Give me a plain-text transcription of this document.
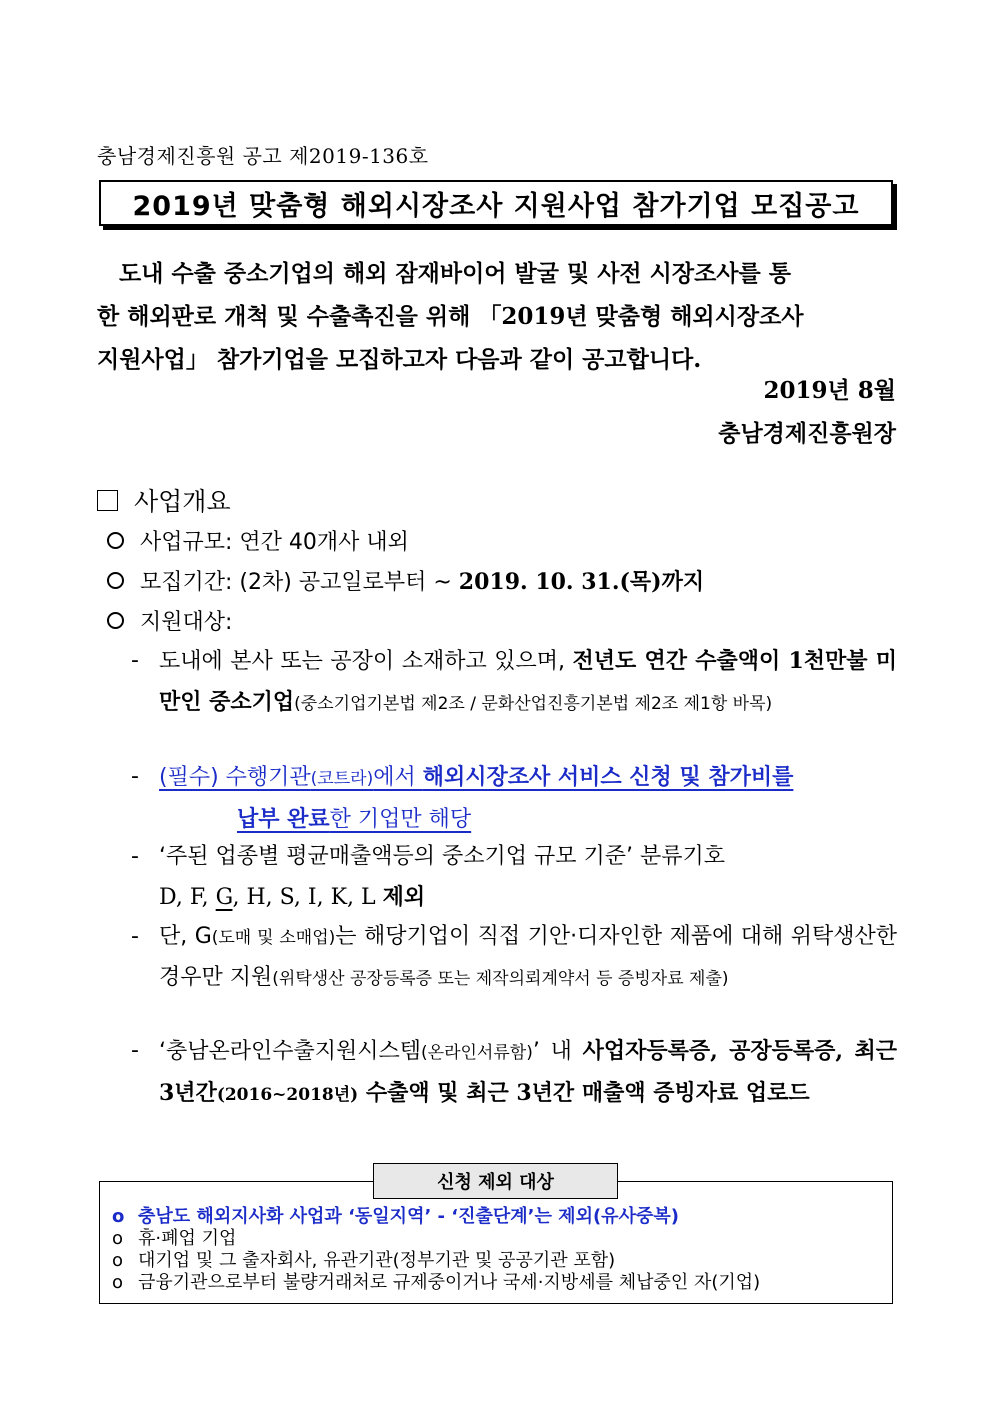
충남경제진흥원 공고 제2019-136호
2019년 맞춤형 해외시장조사 지원사업 참가기업 모집공고

도내 수출 중소기업의 해외 잠재바이어 발굴 및 사전 시장조사를 통

한 해외판로 개척 및 수출촉진을 위해 「2019년 맞춤형 해외시장조사

지원사업」 참가기업을 모집하고자 다음과 같이 공고합니다.

2019년 8월
충남경제진흥원장
사업개요
사업규모: 연간 40개사 내외
모집기간: (2차) 공고일로부터 ~ 2019. 10. 31.(목)까지
지원대상:
- 도내에 본사 또는 공장이 소재하고 있으며, 전년도 연간 수출액이 1천만불 미만인 중소기업(중소기업기본법 제2조 / 문화산업진흥기본법 제2조 제1항 바목)
- (필수) 수행기관(코트라)에서 해외시장조사 서비스 신청 및 참가비를
납부 완료한 기업만 해당
- ‘주된 업종별 평균매출액등의 중소기업 규모 기준’ 분류기호
D, F, G, H, S, I, K, L 제외
- 단, G(도매 및 소매업)는 해당기업이 직접 기안·디자인한 제품에 대해 위탁생산한 경우만 지원(위탁생산 공장등록증 또는 제작의뢰계약서 등 증빙자료 제출)
- ‘충남온라인수출지원시스템(온라인서류함)’ 내 사업자등록증, 공장등록증, 최근 3년간(2016~2018년) 수출액 및 최근 3년간 매출액 증빙자료 업로드
신청 제외 대상
o 충남도 해외지사화 사업과 ‘동일지역’ - ‘진출단계’는 제외(유사중복)
o 휴·폐업 기업
o 대기업 및 그 출자회사, 유관기관(정부기관 및 공공기관 포함)
o 금융기관으로부터 불량거래처로 규제중이거나 국세·지방세를 체납중인 자(기업)
